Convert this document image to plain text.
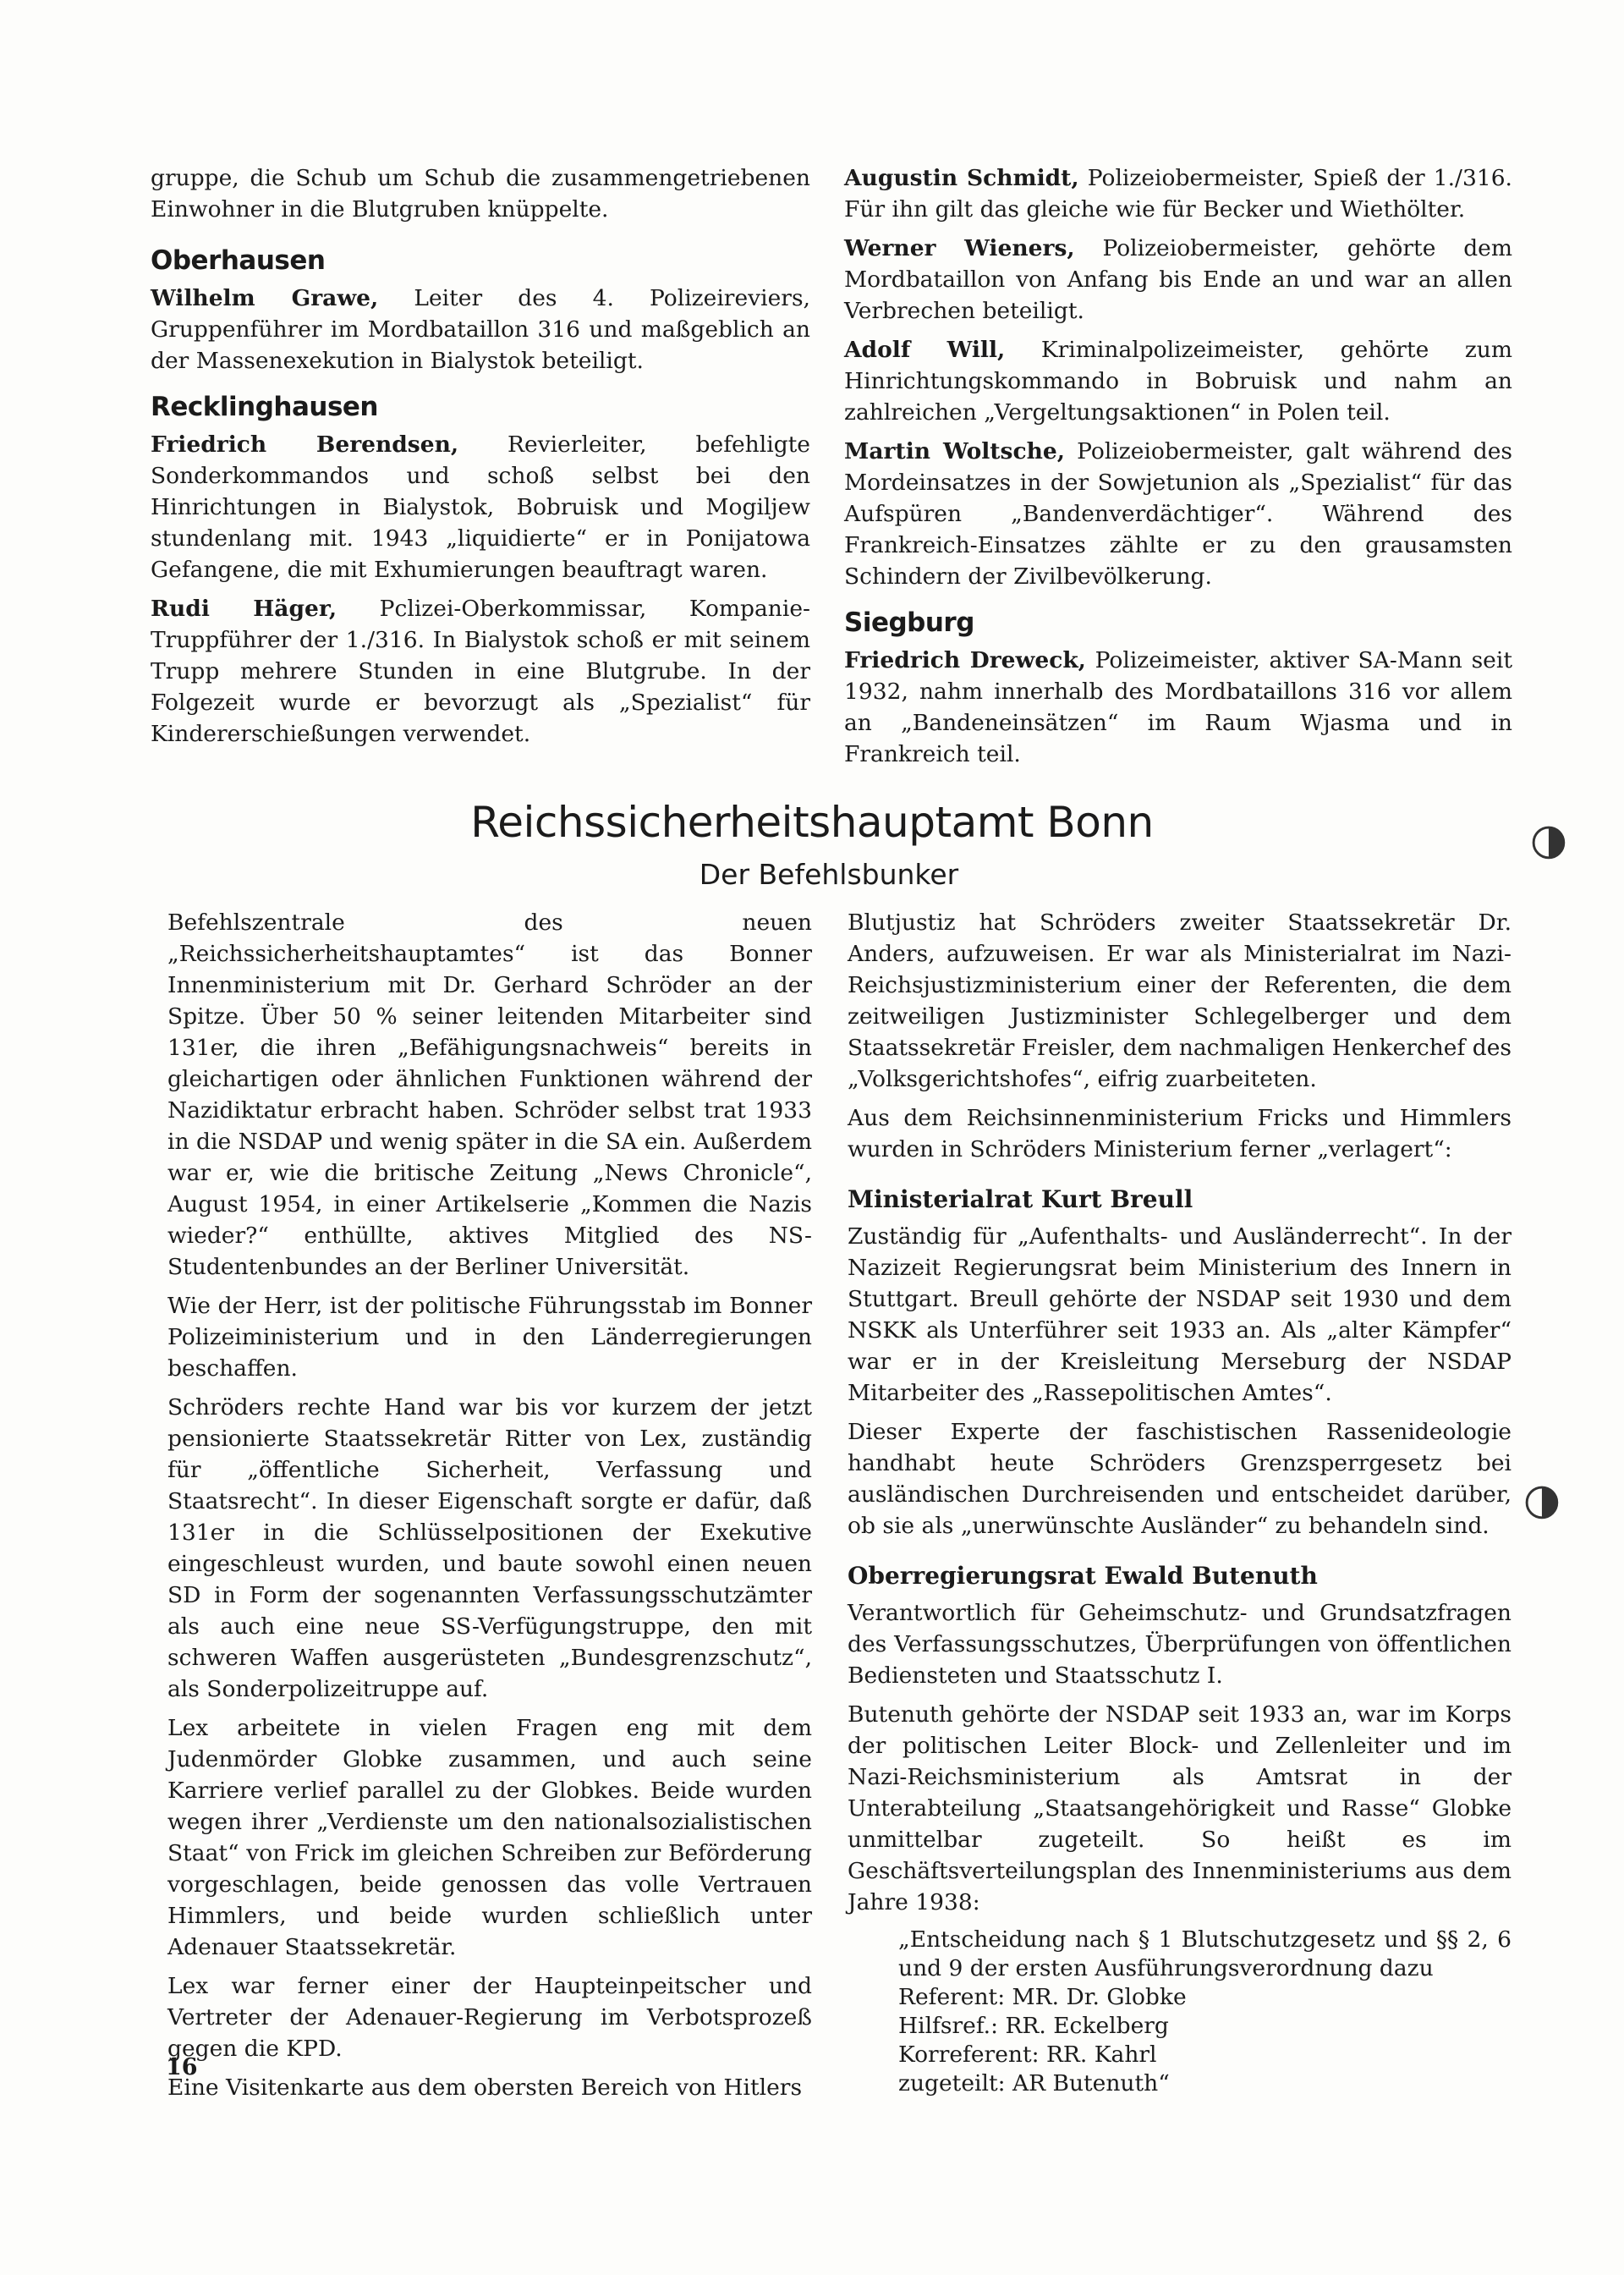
gruppe, die Schub um Schub die zusammengetriebenen Einwohner in die Blutgruben knüppelte.

Oberhausen

Wilhelm Grawe, Leiter des 4. Polizeireviers, Gruppenführer im Mordbataillon 316 und maßgeblich an der Massenexekution in Bialystok beteiligt.

Recklinghausen

Friedrich Berendsen, Revierleiter, befehligte Sonderkommandos und schoß selbst bei den Hinrichtungen in Bialystok, Bobruisk und Mogiljew stundenlang mit. 1943 „liquidierte“ er in Ponijatowa Gefangene, die mit Exhumierungen beauftragt waren.

Rudi Häger, Pclizei-Oberkommissar, Kompanie-Truppführer der 1./316. In Bialystok schoß er mit seinem Trupp mehrere Stunden in eine Blutgrube. In der Folgezeit wurde er bevorzugt als „Spezialist“ für Kindererschießungen verwendet.

Augustin Schmidt, Polizeiobermeister, Spieß der 1./316. Für ihn gilt das gleiche wie für Becker und Wiethölter.

Werner Wieners, Polizeiobermeister, gehörte dem Mordbataillon von Anfang bis Ende an und war an allen Verbrechen beteiligt.

Adolf Will, Kriminalpolizeimeister, gehörte zum Hinrichtungskommando in Bobruisk und nahm an zahlreichen „Vergeltungsaktionen“ in Polen teil.

Martin Woltsche, Polizeiobermeister, galt während des Mordeinsatzes in der Sowjetunion als „Spezialist“ für das Aufspüren „Bandenverdächtiger“. Während des Frankreich-Einsatzes zählte er zu den grausamsten Schindern der Zivilbevölkerung.

Siegburg

Friedrich Dreweck, Polizeimeister, aktiver SA-Mann seit 1932, nahm innerhalb des Mordbataillons 316 vor allem an „Bandeneinsätzen“ im Raum Wjasma und in Frankreich teil.

Reichssicherheitshauptamt Bonn
Der Befehlsbunker

Befehlszentrale des neuen „Reichssicherheitshauptamtes“ ist das Bonner Innenministerium mit Dr. Gerhard Schröder an der Spitze. Über 50 % seiner leitenden Mitarbeiter sind 131er, die ihren „Befähigungsnachweis“ bereits in gleichartigen oder ähnlichen Funktionen während der Nazidiktatur erbracht haben. Schröder selbst trat 1933 in die NSDAP und wenig später in die SA ein. Außerdem war er, wie die britische Zeitung „News Chronicle“, August 1954, in einer Artikelserie „Kommen die Nazis wieder?“ enthüllte, aktives Mitglied des NS-Studentenbundes an der Berliner Universität.

Wie der Herr, ist der politische Führungsstab im Bonner Polizeiministerium und in den Länderregierungen beschaffen.

Schröders rechte Hand war bis vor kurzem der jetzt pensionierte Staatssekretär Ritter von Lex, zuständig für „öffentliche Sicherheit, Verfassung und Staatsrecht“. In dieser Eigenschaft sorgte er dafür, daß 131er in die Schlüsselpositionen der Exekutive eingeschleust wurden, und baute sowohl einen neuen SD in Form der sogenannten Verfassungsschutzämter als auch eine neue SS-Verfügungstruppe, den mit schweren Waffen ausgerüsteten „Bundesgrenzschutz“, als Sonderpolizeitruppe auf.

Lex arbeitete in vielen Fragen eng mit dem Judenmörder Globke zusammen, und auch seine Karriere verlief parallel zu der Globkes. Beide wurden wegen ihrer „Verdienste um den nationalsozialistischen Staat“ von Frick im gleichen Schreiben zur Beförderung vorgeschlagen, beide genossen das volle Vertrauen Himmlers, und beide wurden schließlich unter Adenauer Staatssekretär.

Lex war ferner einer der Haupteinpeitscher und Vertreter der Adenauer-Regierung im Verbotsprozeß gegen die KPD.

Eine Visitenkarte aus dem obersten Bereich von Hitlers

Blutjustiz hat Schröders zweiter Staatssekretär Dr. Anders, aufzuweisen. Er war als Ministerialrat im Nazi-Reichsjustizministerium einer der Referenten, die dem zeitweiligen Justizminister Schlegelberger und dem Staatssekretär Freisler, dem nachmaligen Henkerchef des „Volksgerichtshofes“, eifrig zuarbeiteten.

Aus dem Reichsinnenministerium Fricks und Himmlers wurden in Schröders Ministerium ferner „verlagert“:

Ministerialrat Kurt Breull

Zuständig für „Aufenthalts- und Ausländerrecht“. In der Nazizeit Regierungsrat beim Ministerium des Innern in Stuttgart. Breull gehörte der NSDAP seit 1930 und dem NSKK als Unterführer seit 1933 an. Als „alter Kämpfer“ war er in der Kreisleitung Merseburg der NSDAP Mitarbeiter des „Rassepolitischen Amtes“.

Dieser Experte der faschistischen Rassenideologie handhabt heute Schröders Grenzsperrgesetz bei ausländischen Durchreisenden und entscheidet darüber, ob sie als „unerwünschte Ausländer“ zu behandeln sind.

Oberregierungsrat Ewald Butenuth

Verantwortlich für Geheimschutz- und Grundsatzfragen des Verfassungsschutzes, Überprüfungen von öffentlichen Bediensteten und Staatsschutz I.

Butenuth gehörte der NSDAP seit 1933 an, war im Korps der politischen Leiter Block- und Zellenleiter und im Nazi-Reichsministerium als Amtsrat in der Unterabteilung „Staatsangehörigkeit und Rasse“ Globke unmittelbar zugeteilt. So heißt es im Geschäftsverteilungsplan des Innenministeriums aus dem Jahre 1938:

„Entscheidung nach § 1 Blutschutzgesetz und §§ 2, 6 und 9 der ersten Ausführungsverordnung dazu
Referent: MR. Dr. Globke
Hilfsref.: RR. Eckelberg
Korreferent: RR. Kahrl
zugeteilt: AR Butenuth“
16
🌗︎
🌗︎
